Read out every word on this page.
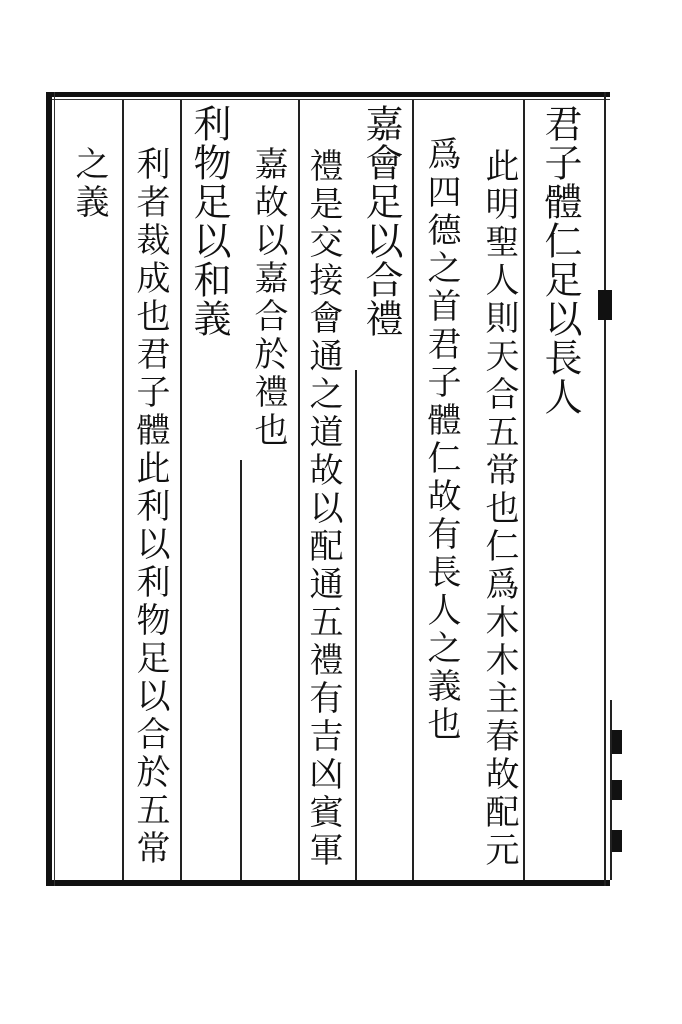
君子體仁足以長人
此明聖人則天合五常也仁爲木木主春故配元
爲四德之首君子體仁故有長人之義也
嘉會足以合禮
禮是交接會通之道故以配通五禮有吉凶賓軍
嘉故以嘉合於禮也
利物足以和義
利者裁成也君子體此利以利物足以合於五常
之義
